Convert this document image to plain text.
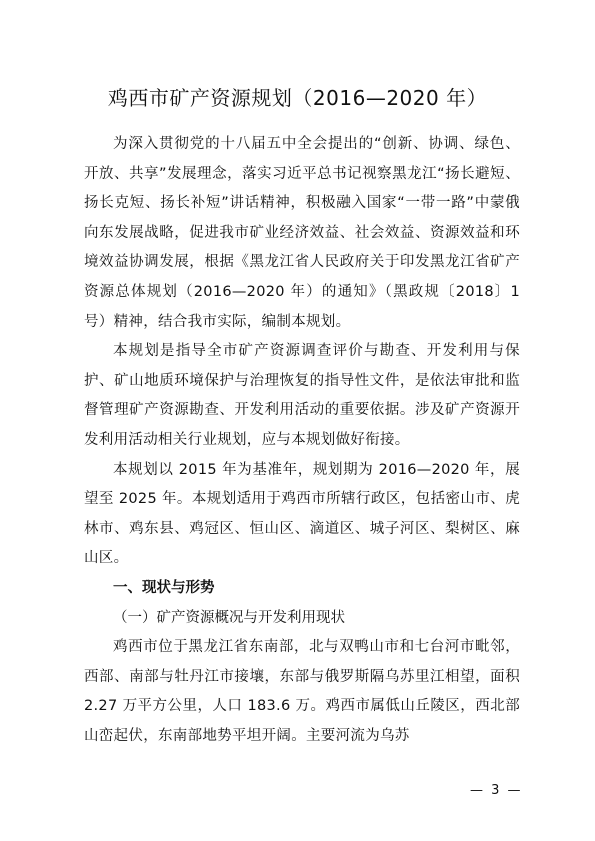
鸡西市矿产资源规划（2016—2020 年）

为深入贯彻党的十八届五中全会提出的“创新、协调、绿色、开放、共享”发展理念，落实习近平总书记视察黑龙江“扬长避短、扬长克短、扬长补短”讲话精神，积极融入国家“一带一路”中蒙俄向东发展战略，促进我市矿业经济效益、社会效益、资源效益和环境效益协调发展，根据《黑龙江省人民政府关于印发黑龙江省矿产资源总体规划（2016—2020 年）的通知》（黑政规〔2018〕1 号）精神，结合我市实际，编制本规划。

本规划是指导全市矿产资源调查评价与勘查、开发利用与保护、矿山地质环境保护与治理恢复的指导性文件，是依法审批和监督管理矿产资源勘查、开发利用活动的重要依据。涉及矿产资源开发利用活动相关行业规划，应与本规划做好衔接。

本规划以 2015 年为基准年，规划期为 2016—2020 年，展望至 2025 年。本规划适用于鸡西市所辖行政区，包括密山市、虎林市、鸡东县、鸡冠区、恒山区、滴道区、城子河区、梨树区、麻山区。

一、现状与形势

（一）矿产资源概况与开发利用现状

鸡西市位于黑龙江省东南部，北与双鸭山市和七台河市毗邻，西部、南部与牡丹江市接壤，东部与俄罗斯隔乌苏里江相望，面积 2.27 万平方公里，人口 183.6 万。鸡西市属低山丘陵区，西北部山峦起伏，东南部地势平坦开阔。主要河流为乌苏

— 3 —
